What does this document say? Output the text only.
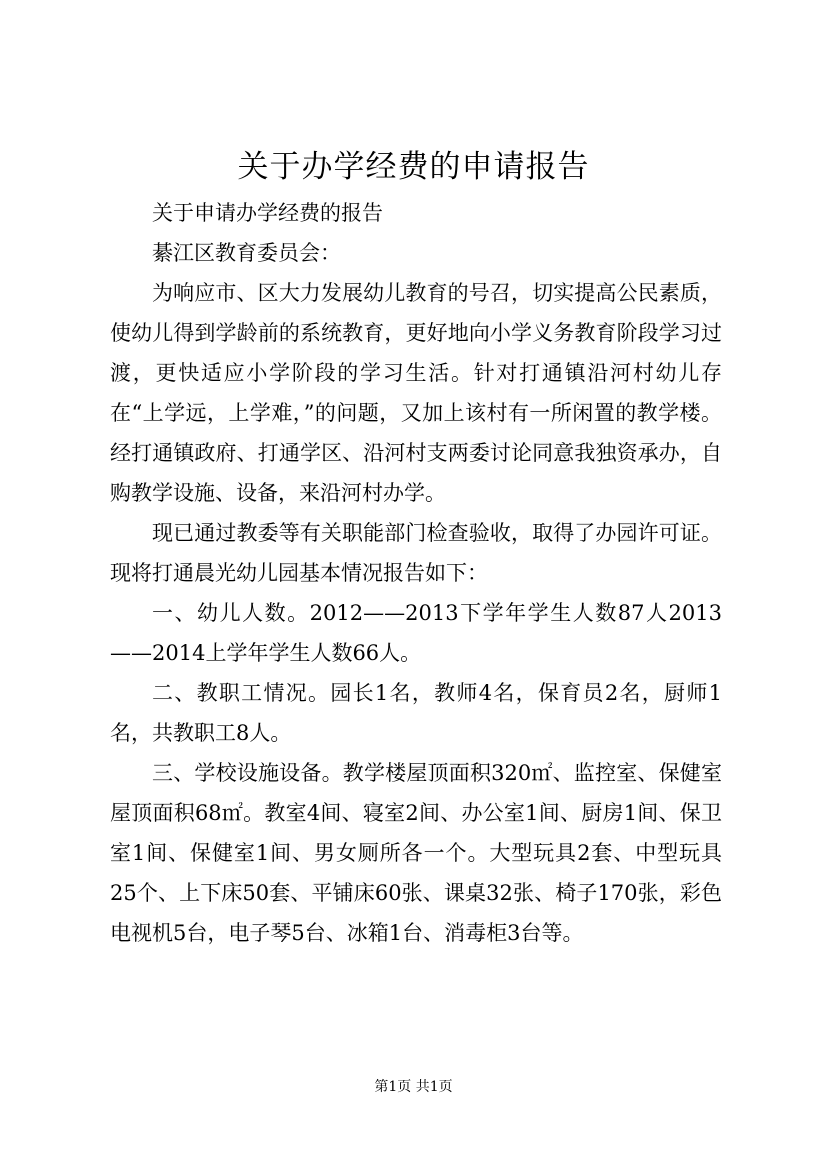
关于办学经费的申请报告

关于申请办学经费的报告

綦江区教育委员会：

为响应市、区大力发展幼儿教育的号召，切实提高公民素质，使幼儿得到学龄前的系统教育，更好地向小学义务教育阶段学习过渡，更快适应小学阶段的学习生活。针对打通镇沿河村幼儿存在“上学远，上学难，”的问题，又加上该村有一所闲置的教学楼。经打通镇政府、打通学区、沿河村支两委讨论同意我独资承办，自购教学设施、设备，来沿河村办学。

现已通过教委等有关职能部门检查验收，取得了办园许可证。现将打通晨光幼儿园基本情况报告如下：

一、幼儿人数。2012——2013下学年学生人数87人2013——2014上学年学生人数66人。

二、教职工情况。园长1名，教师4名，保育员2名，厨师1名，共教职工8人。

三、学校设施设备。教学楼屋顶面积320㎡、监控室、保健室屋顶面积68㎡。教室4间、寝室2间、办公室1间、厨房1间、保卫室1间、保健室1间、男女厕所各一个。大型玩具2套、中型玩具25个、上下床50套、平铺床60张、课桌32张、椅子170张，彩色电视机5台，电子琴5台、冰箱1台、消毒柜3台等。

第1页 共1页
